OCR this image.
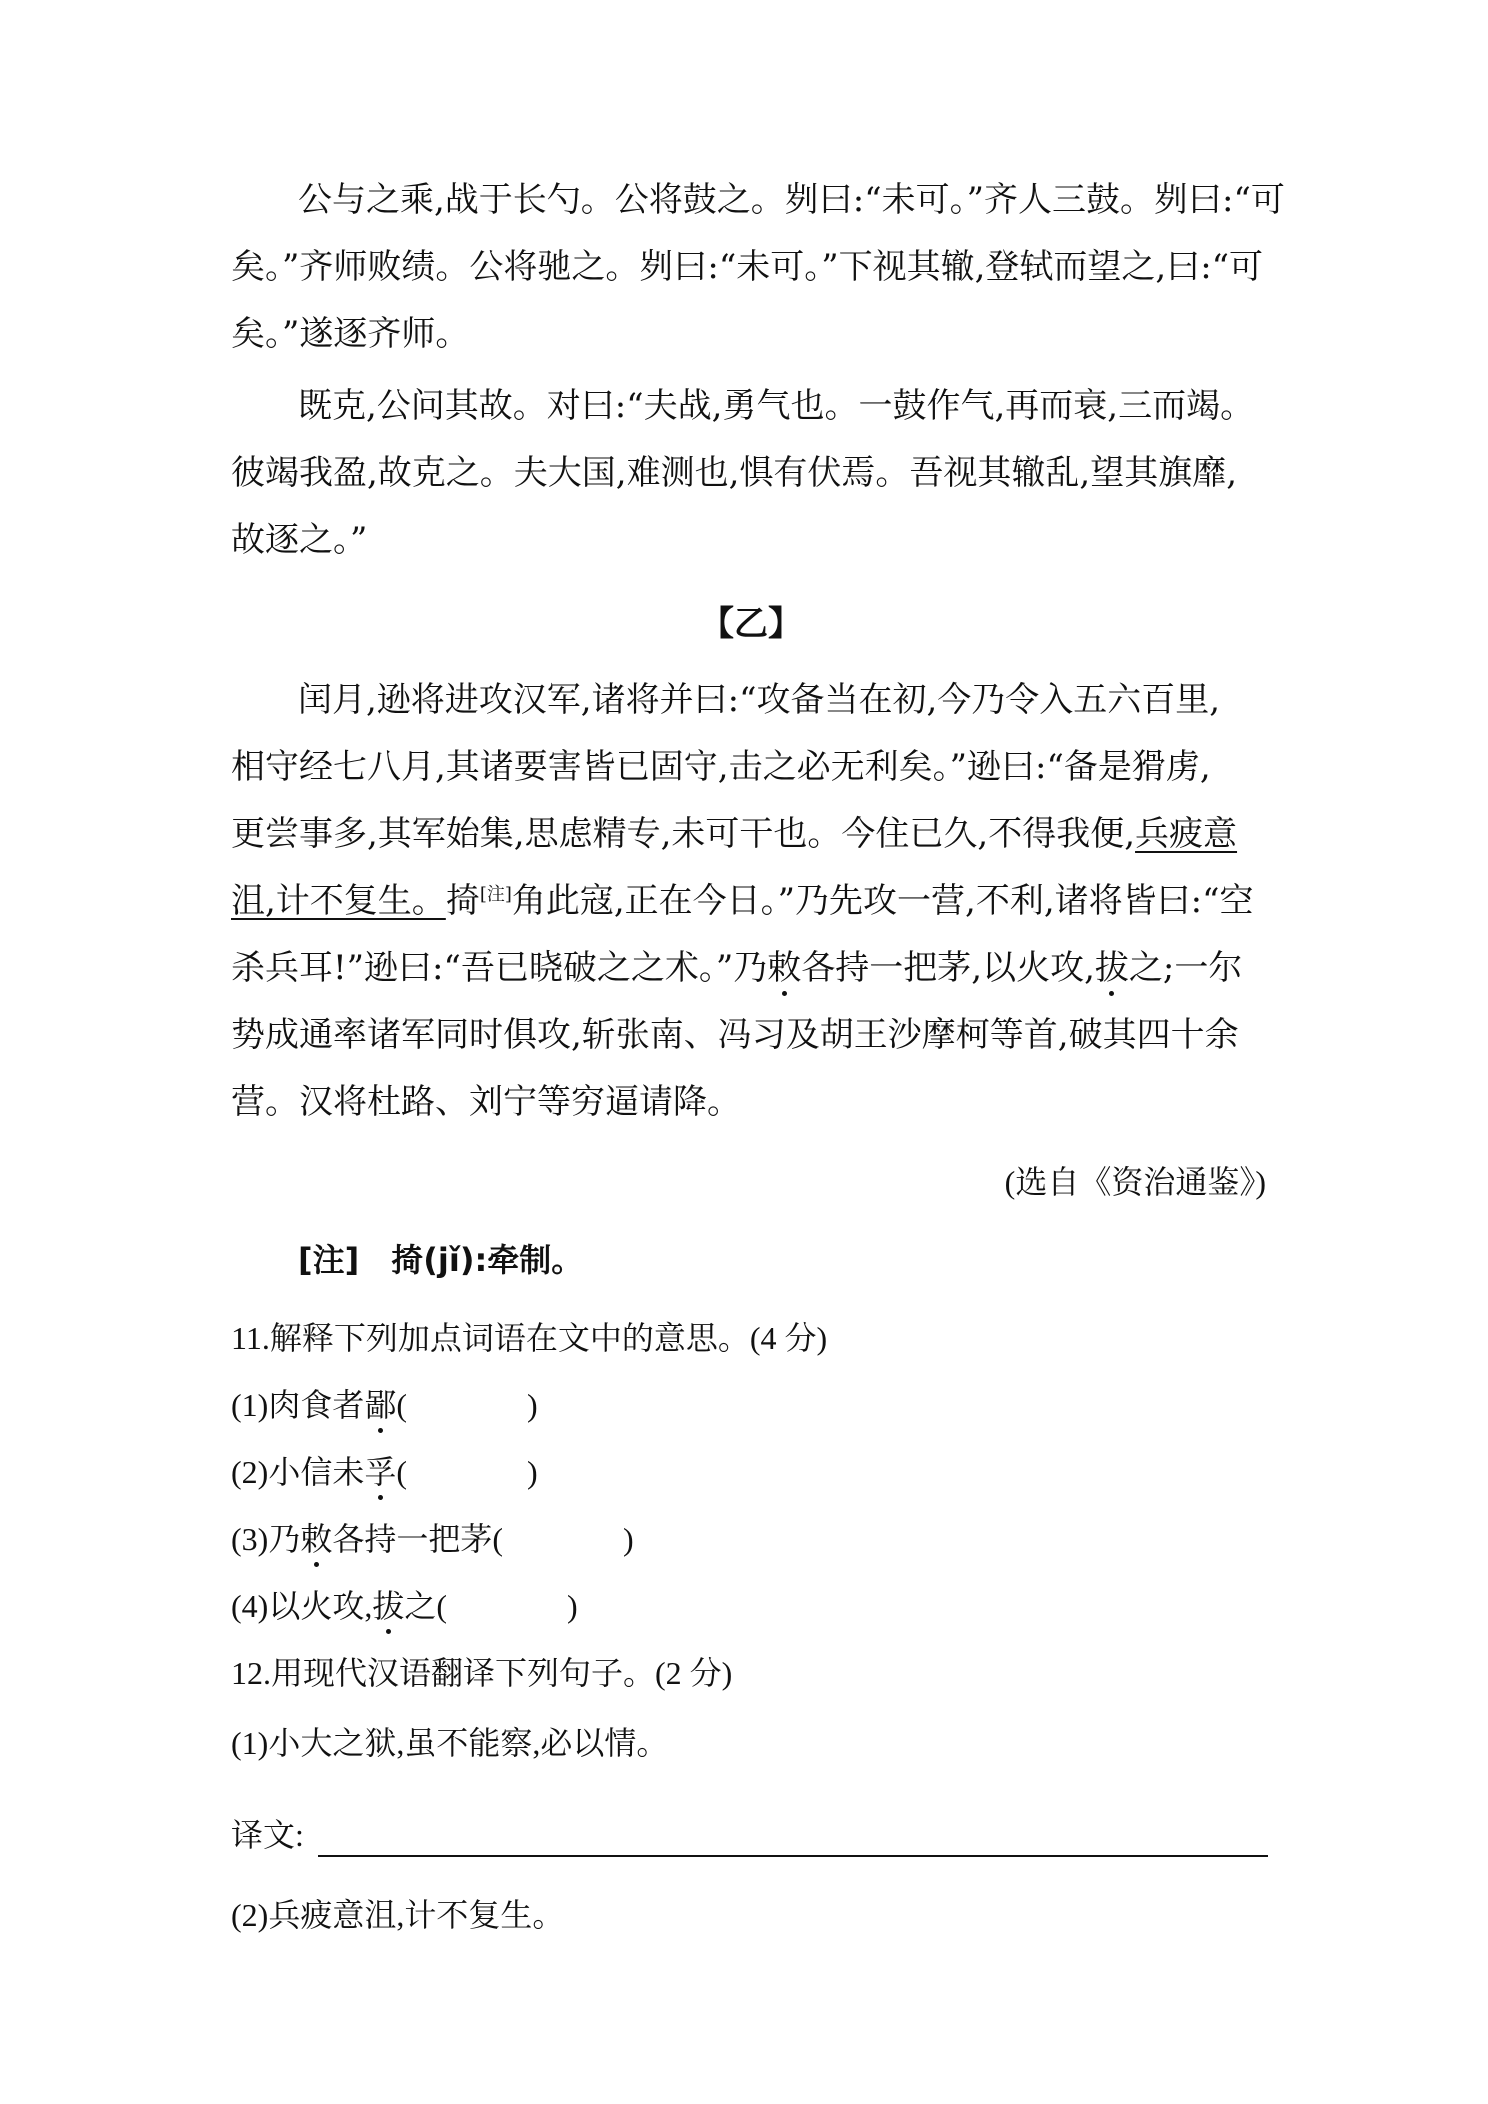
公与之乘,战于长勺。公将鼓之。刿曰:“未可。”齐人三鼓。刿曰:“可
矣。”齐师败绩。公将驰之。刿曰:“未可。”下视其辙,登轼而望之,曰:“可
矣。”遂逐齐师。
既克,公问其故。对曰:“夫战,勇气也。一鼓作气,再而衰,三而竭。
彼竭我盈,故克之。夫大国,难测也,惧有伏焉。吾视其辙乱,望其旗靡,
故逐之。”
【乙】
闰月,逊将进攻汉军,诸将并曰:“攻备当在初,今乃令入五六百里,
相守经七八月,其诸要害皆已固守,击之必无利矣。”逊曰:“备是猾虏,
更尝事多,其军始集,思虑精专,未可干也。今住已久,不得我便,兵疲意
沮,计不复生。掎[注]角此寇,正在今日。”乃先攻一营,不利,诸将皆曰:“空
杀兵耳!”逊曰:“吾已晓破之之术。”乃敕各持一把茅,以火攻,拔之;一尔
势成通率诸军同时俱攻,斩张南、冯习及胡王沙摩柯等首,破其四十余
营。汉将杜路、刘宁等穷逼请降。
(选自《资治通鉴》)
[注]　掎(jǐ):牵制。
11.解释下列加点词语在文中的意思。(4 分)
(1)肉食者鄙(	)
(2)小信未孚(	)
(3)乃敕各持一把茅(	)
(4)以火攻,拔之(	)
12.用现代汉语翻译下列句子。(2 分)
(1)小大之狱,虽不能察,必以情。
译文:
(2)兵疲意沮,计不复生。
